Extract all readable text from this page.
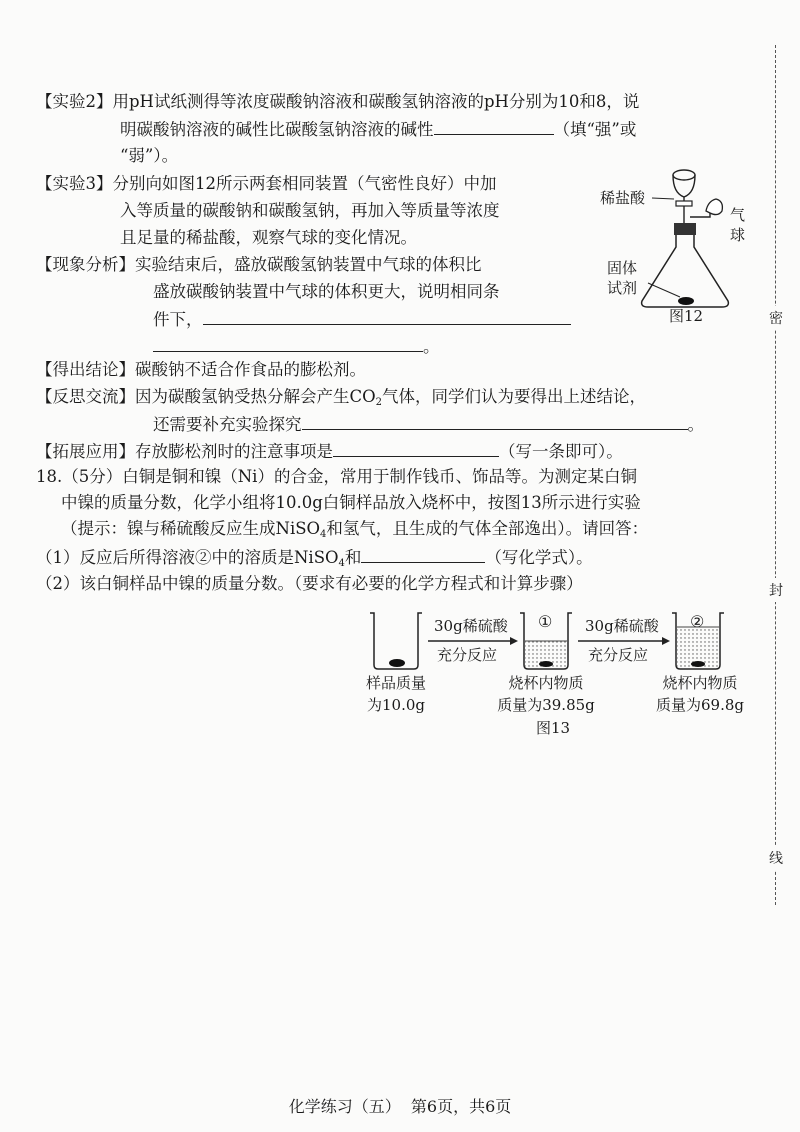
密
封
线
【实验2】用pH试纸测得等浓度碳酸钠溶液和碳酸氢钠溶液的pH分别为10和8，说
明碳酸钠溶液的碱性比碳酸氢钠溶液的碱性	（填“强”或
“弱”）。
【实验3】分别向如图12所示两套相同装置（气密性良好）中加
入等质量的碳酸钠和碳酸氢钠，再加入等质量等浓度
且足量的稀盐酸，观察气球的变化情况。
【现象分析】实验结束后，盛放碳酸氢钠装置中气球的体积比
盛放碳酸钠装置中气球的体积更大，说明相同条
件下，
。
稀盐酸
气
球
固体
试剂
图12
【得出结论】碳酸钠不适合作食品的膨松剂。
【反思交流】因为碳酸氢钠受热分解会产生$CO_2$气体，同学们认为要得出上述结论，
还需要补充实验探究	。
【拓展应用】存放膨松剂时的注意事项是	（写一条即可）。
18.（5分）白铜是铜和镍（Ni）的合金，常用于制作钱币、饰品等。为测定某白铜
中镍的质量分数，化学小组将10.0g白铜样品放入烧杯中，按图13所示进行实验
（提示：镍与稀硫酸反应生成NiSO$_4$和氢气，且生成的气体全部逸出）。请回答：
（1）反应后所得溶液②中的溶质是NiSO$_4$和	（写化学式）。
（2）该白铜样品中镍的质量分数。（要求有必要的化学方程式和计算步骤）
30g稀硫酸
充分反应
30g稀硫酸
充分反应
①	②
样品质量
为10.0g
烧杯内物质
质量为39.85g
烧杯内物质
质量为69.8g
图13
化学练习（五）  第6页，共6页
